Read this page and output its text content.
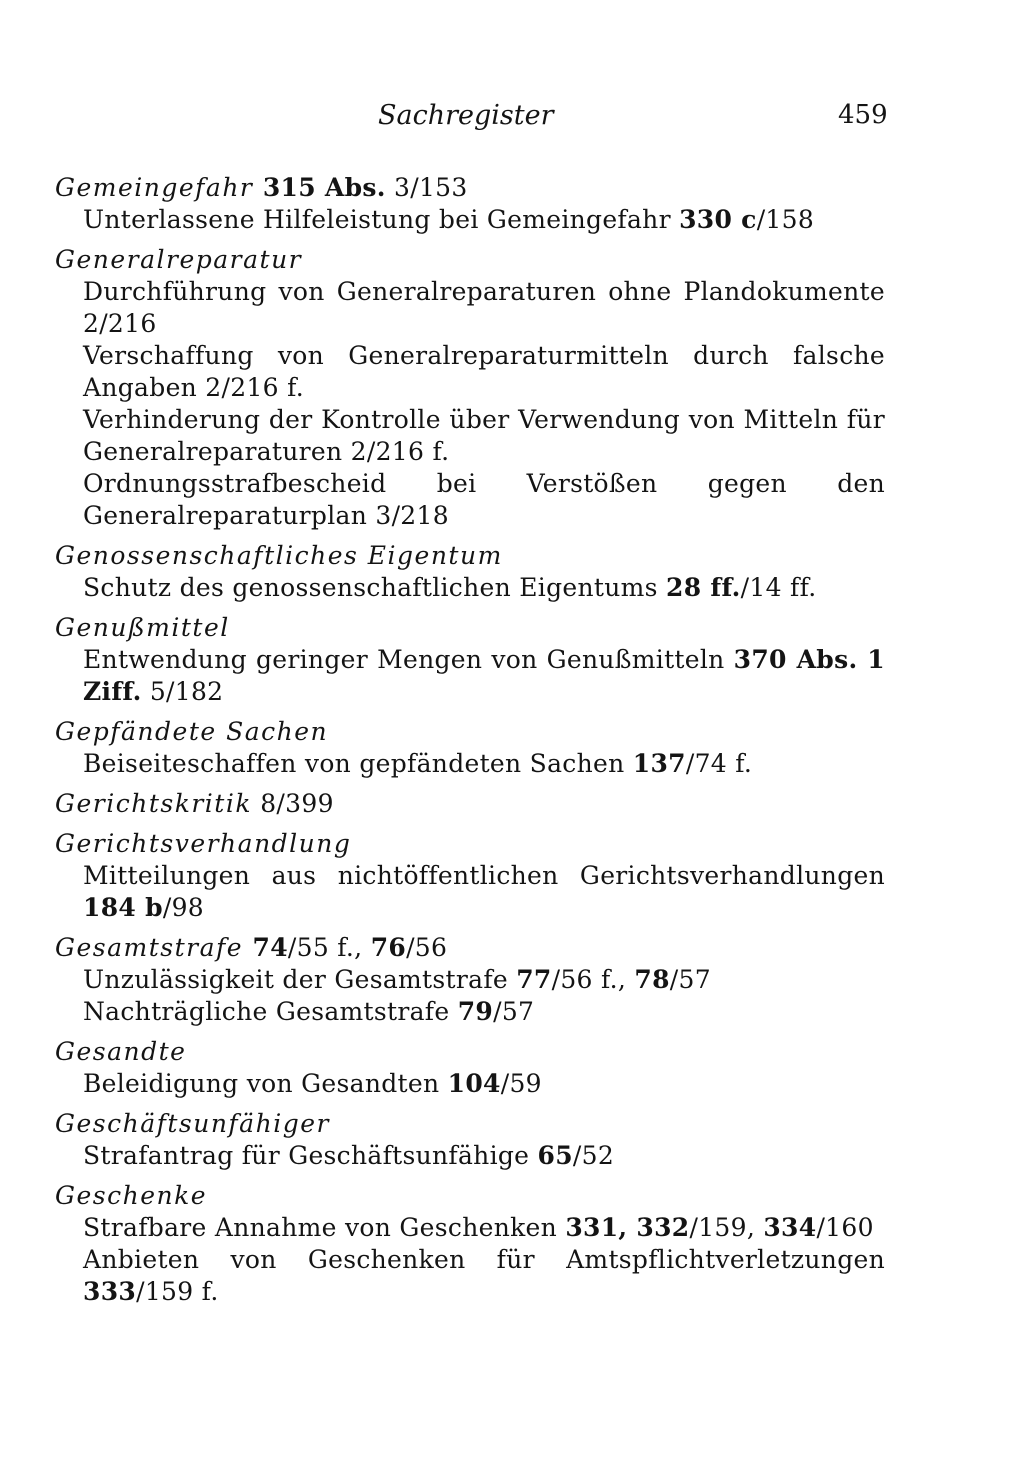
Sachregister	459
Gemeingefahr 315 Abs. 3/153
Unterlassene Hilfeleistung bei Gemeingefahr 330 c/158
Generalreparatur
Durchführung von Generalreparaturen ohne Plandokumente 2/216
Verschaffung von Generalreparaturmitteln durch falsche Angaben 2/216 f.
Verhinderung der Kontrolle über Verwendung von Mitteln für Generalreparaturen 2/216 f.
Ordnungsstrafbescheid bei Verstößen gegen den Generalreparaturplan 3/218
Genossenschaftliches Eigentum
Schutz des genossenschaftlichen Eigentums 28 ff./14 ff.
Genußmittel
Entwendung geringer Mengen von Genußmitteln 370 Abs. 1 Ziff. 5/182
Gepfändete Sachen
Beiseiteschaffen von gepfändeten Sachen 137/74 f.
Gerichtskritik 8/399
Gerichtsverhandlung
Mitteilungen aus nichtöffentlichen Gerichtsverhandlungen 184 b/98
Gesamtstrafe 74/55 f., 76/56
Unzulässigkeit der Gesamtstrafe 77/56 f., 78/57
Nachträgliche Gesamtstrafe 79/57
Gesandte
Beleidigung von Gesandten 104/59
Geschäftsunfähiger
Strafantrag für Geschäftsunfähige 65/52
Geschenke
Strafbare Annahme von Geschenken 331, 332/159, 334/160
Anbieten von Geschenken für Amtspflichtverletzungen 333/159 f.
